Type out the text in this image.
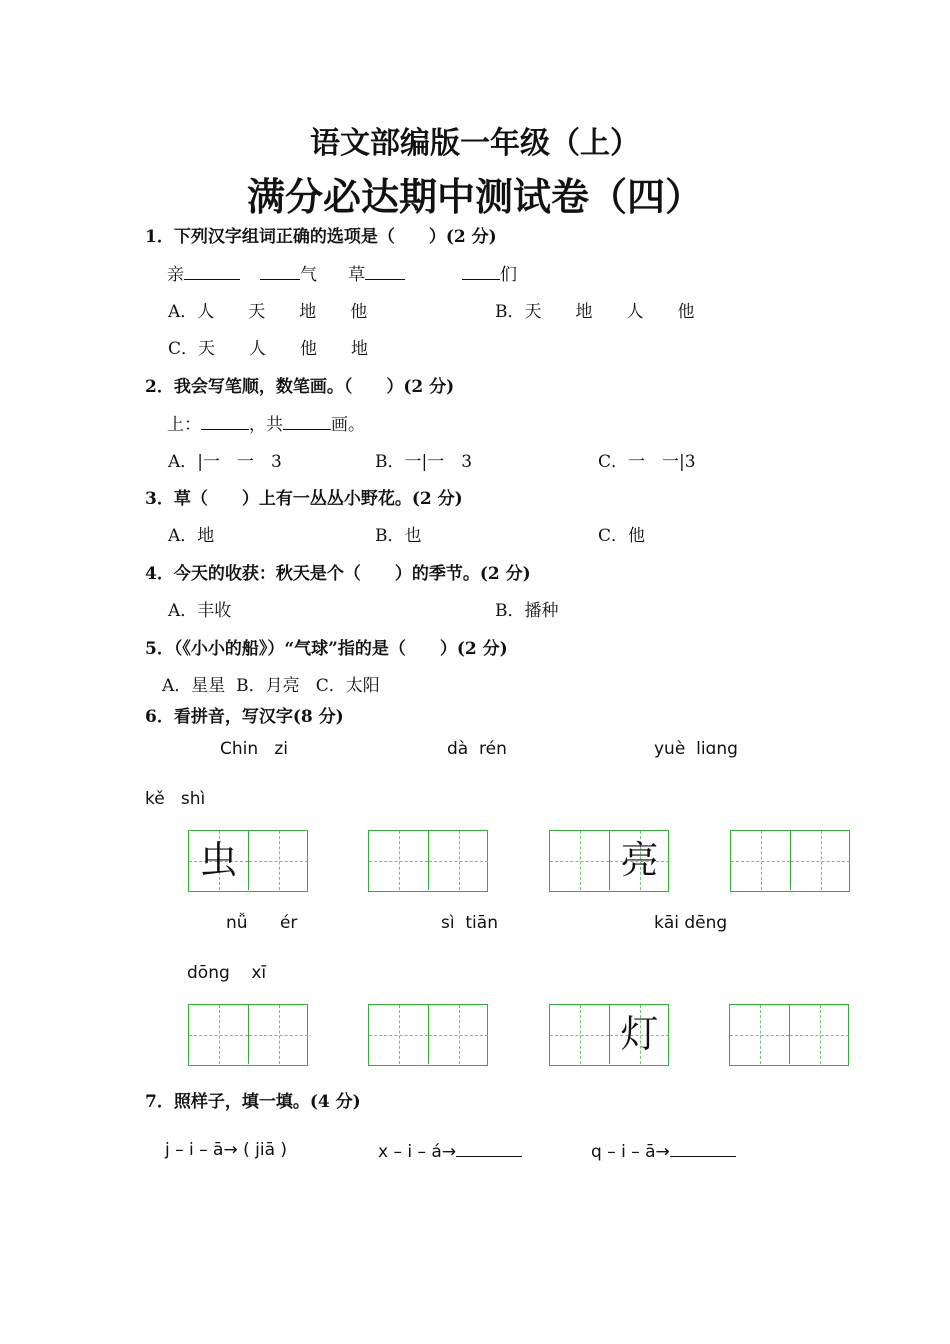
语文部编版一年级（上）
满分必达期中测试卷（四）
1．下列汉字组词正确的选项是（　　）(2 分)
亲	气 草	们
A．人　　天　　地　　他	B．天　　地　　人　　他
C．天　　人　　他　　地
2．我会写笔顺，数笔画。（　　）(2 分)
上：	，共	画。
A．|一　一　3	B．一|一　3	C．一　一|3
3．草（　　）上有一丛丛小野花。(2 分)
A．地	B．也	C．他
4．今天的收获：秋天是个（　　）的季节。(2 分)
A．丰收	B．播种
5．（《小小的船》）“气球”指的是（　　）(2 分)
A．星星  B．月亮   C．太阳
6．看拼音，写汉字(8 分)
Chin   zi	dà  rén	yuè  liɑng
kě   shì
虫	亮
nǚ      ér	sì  tiān	kāi dēng
dōng    xī
灯
7．照样子，填一填。(4 分)
j – i – ā→ ( jiā )	x – i – á→	q – i – ā→
